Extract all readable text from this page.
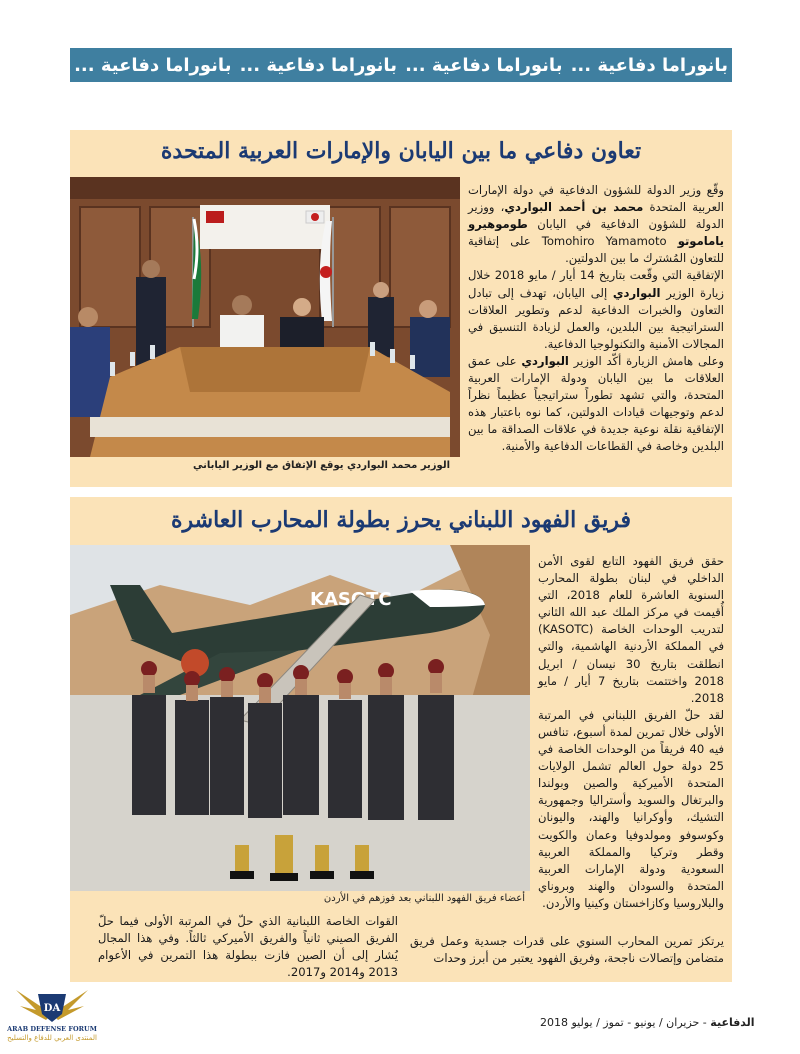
بانوراما دفاعية ...
بانوراما دفاعية ...
بانوراما دفاعية ...
بانوراما دفاعية ...
تعاون دفاعي ما بين اليابان والإمارات العربية المتحدة
الوزير محمد البواردي يوقع الإتفاق مع الوزير الياباني

وقّع وزير الدولة للشؤون الدفاعية في دولة الإمارات العربية المتحدة محمد بن أحمد البواردي، ووزير الدولة للشؤون الدفاعية في اليابان طوموهيرو ياماموتو Tomohiro Yamamoto على إتفاقية للتعاون المُشترك ما بين الدولتين.

الإتفاقية التي وقّعت بتاريخ 14 أيار / مايو 2018 خلال زيارة الوزير البواردي إلى اليابان، تهدف إلى تبادل التعاون والخبرات الدفاعية لدعم وتطوير العلاقات الستراتيجية بين البلدين، والعمل لزيادة التنسيق في المجالات الأمنية والتكنولوجيا الدفاعية.

وعلى هامش الزيارة أكّد الوزير البواردي على عمق العلاقات ما بين اليابان ودولة الإمارات العربية المتحدة، والتي تشهد تطوراً ستراتيجياً عظيماً نظراً لدعم وتوجيهات قيادات الدولتين، كما نوه باعتبار هذه الإتفاقية نقلة نوعية جديدة في علاقات الصداقة ما بين البلدين وخاصة في القطاعات الدفاعية والأمنية.

فريق الفهود اللبناني يحرز بطولة المحارب العاشرة
KASOTC
أعضاء فريق الفهود اللبناني بعد فوزهم في الأردن

حقق فريق الفهود التابع لقوى الأمن الداخلي في لبنان بطولة المحارب السنوية العاشرة للعام 2018، التي أُقيمت في مركز الملك عبد الله الثاني لتدريب الوحدات الخاصة (KASOTC) في المملكة الأردنية الهاشمية، والتي انطلقت بتاريخ 30 نيسان / ابريل 2018 واختتمت بتاريخ 7 أيار / مايو 2018.

لقد حلّ الفريق اللبناني في المرتبة الأولى خلال تمرين لمدة أسبوع، تنافس فيه 40 فريقاً من الوحدات الخاصة في 25 دولة حول العالم تشمل الولايات المتحدة الأميركية والصين وبولندا والبرتغال والسويد وأستراليا وجمهورية التشيك، وأوكرانيا والهند، واليونان وكوسوفو ومولدوفيا وعمان والكويت وقطر وتركيا والمملكة العربية السعودية ودولة الإمارات العربية المتحدة والسودان والهند وبروناي والبلاروسيا وكازاخستان وكينيا والأردن.

يرتكز تمرين المحارب السنوي على قدرات جسدية وعمل فريق متضامن وإتصالات ناجحة، وفريق الفهود يعتبر من أبرز وحدات

القوات الخاصة اللبنانية الذي حلّ في المرتبة الأولى فيما حلّ الفريق الصيني ثانياً والفريق الأميركي ثالثاً. وفي هذا المجال يُشار إلى أن الصين فازت ببطولة هذا التمرين في الأعوام 2013 و2014 و2017.

الدفاعية - حزيران / يونيو - تموز / يوليو 2018
DA
ARAB DEFENSE FORUM
المنتدى العربي للدفاع والتسليح
